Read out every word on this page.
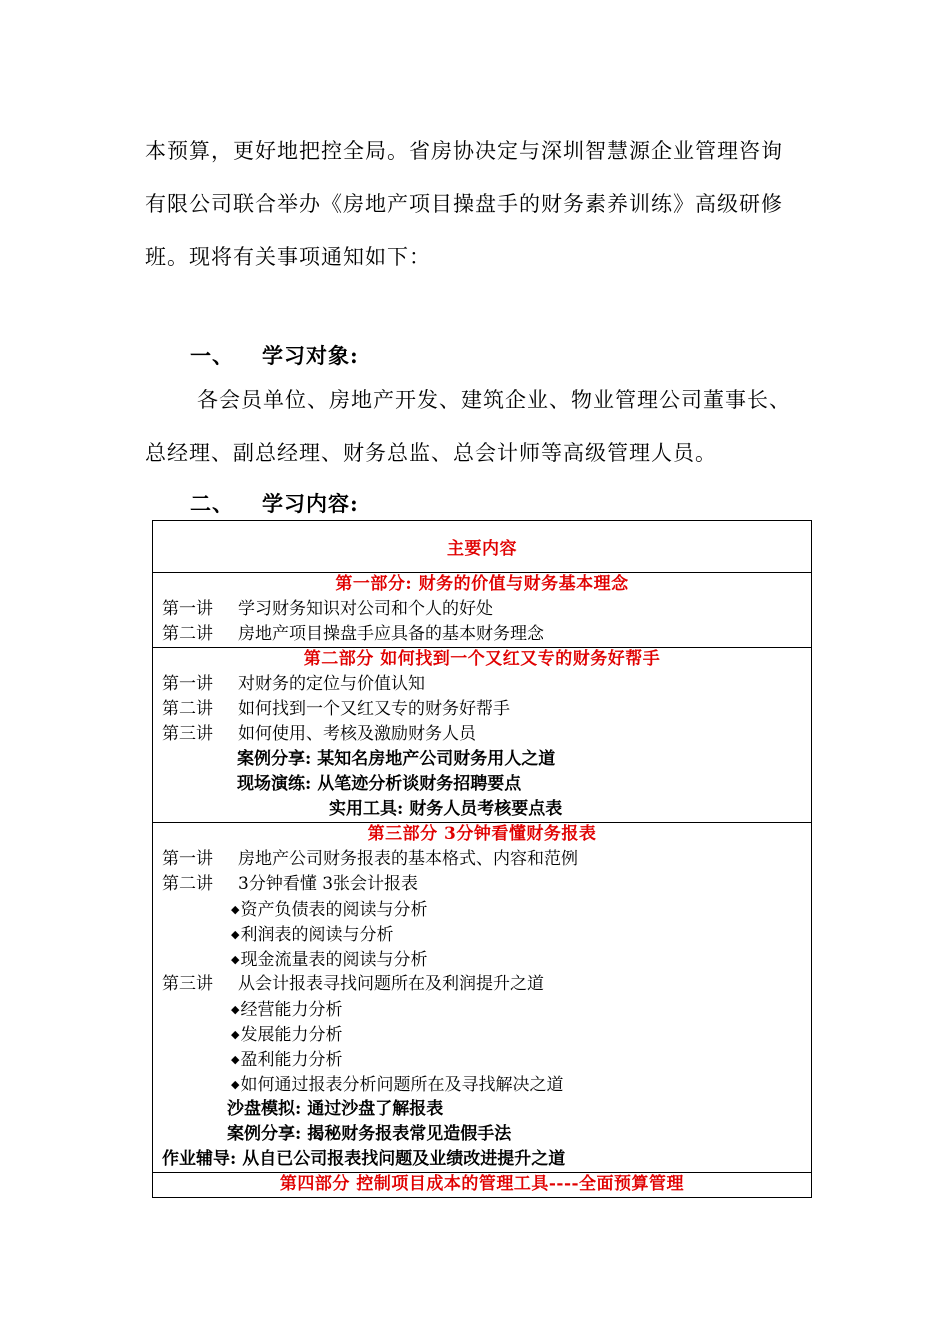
本预算，更好地把控全局。省房协决定与深圳智慧源企业管理咨询
有限公司联合举办《房地产项目操盘手的财务素养训练》高级研修
班。现将有关事项通知如下：

一、 学习对象:

各会员单位、房地产开发、建筑企业、物业管理公司董事长、
总经理、副总经理、财务总监、总会计师等高级管理人员。

二、 学习内容:

主要内容
第一部分: 财务的价值与财务基本理念
第一讲 学习财务知识对公司和个人的好处
第二讲 房地产项目操盘手应具备的基本财务理念
第二部分 如何找到一个又红又专的财务好帮手
第一讲 对财务的定位与价值认知
第二讲 如何找到一个又红又专的财务好帮手
第三讲 如何使用、考核及激励财务人员
案例分享: 某知名房地产公司财务用人之道
现场演练: 从笔迹分析谈财务招聘要点
实用工具: 财务人员考核要点表
第三部分 3分钟看懂财务报表
第一讲 房地产公司财务报表的基本格式、内容和范例
第二讲 3分钟看懂 3张会计报表
◆ 资产负债表的阅读与分析
◆ 利润表的阅读与分析
◆ 现金流量表的阅读与分析
第三讲 从会计报表寻找问题所在及利润提升之道
◆ 经营能力分析
◆ 发展能力分析
◆ 盈利能力分析
◆ 如何通过报表分析问题所在及寻找解决之道
沙盘模拟: 通过沙盘了解报表
案例分享: 揭秘财务报表常见造假手法
作业辅导: 从自已公司报表找问题及业绩改进提升之道
第四部分 控制项目成本的管理工具----全面预算管理
